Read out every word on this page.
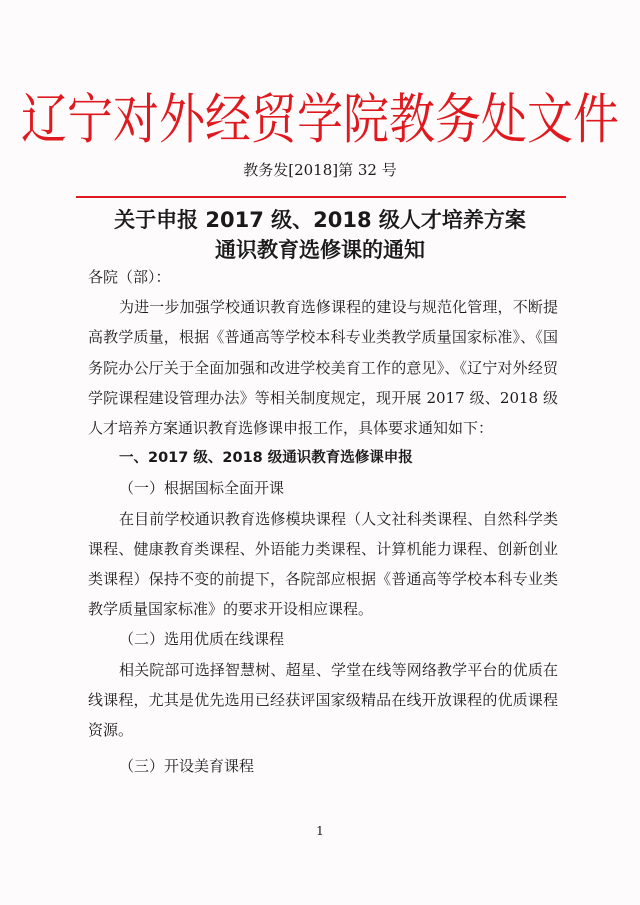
辽宁对外经贸学院教务处文件
教务发[2018]第 32 号
关于申报 2017 级、2018 级人才培养方案
通识教育选修课的通知

各院（部）：

为进一步加强学校通识教育选修课程的建设与规范化管理，不断提高教学质量，根据《普通高等学校本科专业类教学质量国家标准》、《国务院办公厅关于全面加强和改进学校美育工作的意见》、《辽宁对外经贸学院课程建设管理办法》等相关制度规定，现开展 2017 级、2018 级人才培养方案通识教育选修课申报工作，具体要求通知如下：

一、2017 级、2018 级通识教育选修课申报

（一）根据国标全面开课

在目前学校通识教育选修模块课程（人文社科类课程、自然科学类课程、健康教育类课程、外语能力类课程、计算机能力课程、创新创业类课程）保持不变的前提下，各院部应根据《普通高等学校本科专业类教学质量国家标准》的要求开设相应课程。

（二）选用优质在线课程

相关院部可选择智慧树、超星、学堂在线等网络教学平台的优质在线课程，尤其是优先选用已经获评国家级精品在线开放课程的优质课程资源。

（三）开设美育课程

1
